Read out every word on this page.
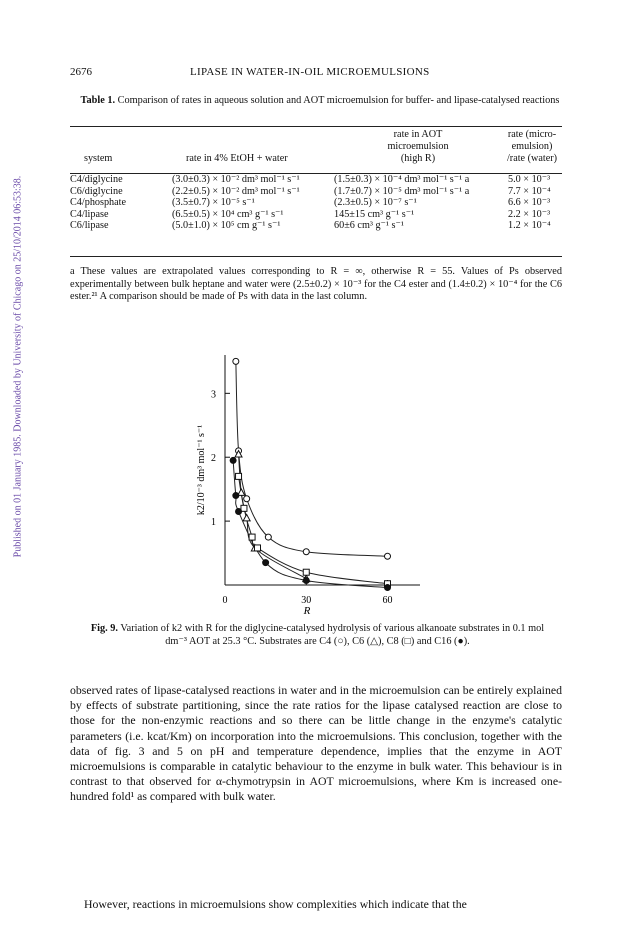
Published on 01 January 1985. Downloaded by University of Chicago on 25/10/2014 06:53:38.
2676	LIPASE IN WATER-IN-OIL MICROEMULSIONS
Table 1. Comparison of rates in aqueous solution and AOT microemulsion for buffer- and lipase-catalysed reactions

system	rate in 4% EtOH + water	rate in AOT
microemulsion
(high R)	rate (micro-
emulsion)
/rate (water)

C4/diglycine	(3.0±0.3) × 10⁻² dm³ mol⁻¹ s⁻¹	(1.5±0.3) × 10⁻⁴ dm³ mol⁻¹ s⁻¹ a	5.0 × 10⁻³
C6/diglycine	(2.2±0.5) × 10⁻² dm³ mol⁻¹ s⁻¹	(1.7±0.7) × 10⁻⁵ dm³ mol⁻¹ s⁻¹ a	7.7 × 10⁻⁴
C4/phosphate	(3.5±0.7) × 10⁻⁵ s⁻¹	(2.3±0.5) × 10⁻⁷ s⁻¹	6.6 × 10⁻³
C4/lipase	(6.5±0.5) × 10⁴ cm³ g⁻¹ s⁻¹	145±15 cm³ g⁻¹ s⁻¹	2.2 × 10⁻³
C6/lipase	(5.0±1.0) × 10⁵ cm g⁻¹ s⁻¹	60±6 cm³ g⁻¹ s⁻¹	1.2 × 10⁻⁴
a These values are extrapolated values corresponding to R = ∞, otherwise R = 55. Values of Ps observed experimentally between bulk heptane and water were (2.5±0.2) × 10⁻³ for the C4 ester and (1.4±0.2) × 10⁻⁴ for the C6 ester.²¹ A comparison should be made of Ps with data in the last column.
0	30	60
1
2
3
k2/10⁻³ dm³ mol⁻¹ s⁻¹
R
Fig. 9. Variation of k2 with R for the diglycine-catalysed hydrolysis of various alkanoate substrates in 0.1 mol dm⁻³ AOT at 25.3 °C. Substrates are C4 (○), C6 (△), C8 (□) and C16 (●).
observed rates of lipase-catalysed reactions in water and in the microemulsion can be entirely explained by effects of substrate partitioning, since the rate ratios for the lipase catalysed reaction are close to those for the non-enzymic reactions and so there can be little change in the enzyme's catalytic parameters (i.e. kcat/Km) on incorporation into the microemulsions. This conclusion, together with the data of fig. 3 and 5 on pH and temperature dependence, implies that the enzyme in AOT microemulsions is comparable in catalytic behaviour to the enzyme in bulk water. This behaviour is in contrast to that observed for α-chymotrypsin in AOT microemulsions, where Km is increased one-hundred fold¹ as compared with bulk water.
However, reactions in microemulsions show complexities which indicate that the
